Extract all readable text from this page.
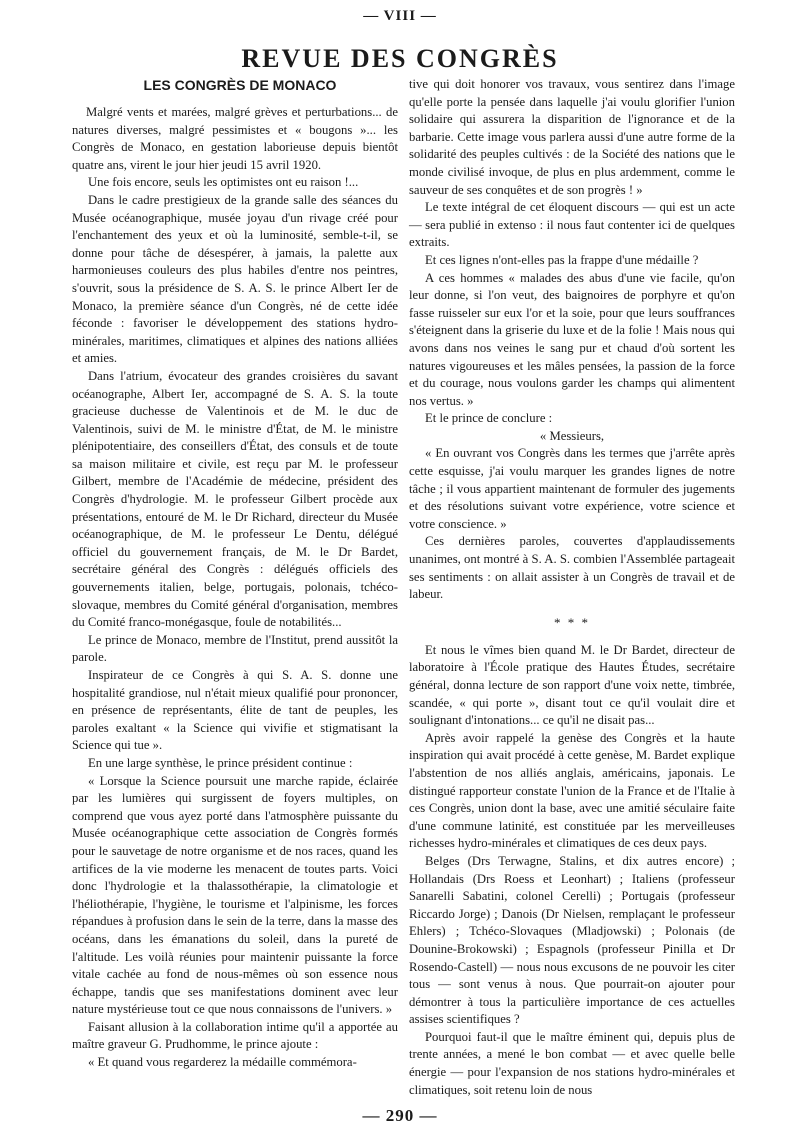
— VIII —
REVUE DES CONGRÈS
LES CONGRÈS DE MONACO

Malgré vents et marées, malgré grèves et perturbations... de natures diverses, malgré pessimistes et « bougons »... les Congrès de Monaco, en gestation laborieuse depuis bientôt quatre ans, virent le jour hier jeudi 15 avril 1920.

Une fois encore, seuls les optimistes ont eu raison !...

Dans le cadre prestigieux de la grande salle des séances du Musée océanographique, musée joyau d'un rivage créé pour l'enchantement des yeux et où la luminosité, semble-t-il, se donne pour tâche de désespérer, à jamais, la palette aux harmonieuses couleurs des plus habiles d'entre nos peintres, s'ouvrit, sous la présidence de S. A. S. le prince Albert Ier de Monaco, la première séance d'un Congrès, né de cette idée féconde : favoriser le développement des stations hydro-minérales, maritimes, climatiques et alpines des nations alliées et amies.

Dans l'atrium, évocateur des grandes croisières du savant océanographe, Albert Ier, accompagné de S. A. S. la toute gracieuse duchesse de Valentinois et de M. le duc de Valentinois, suivi de M. le ministre d'État, de M. le ministre plénipotentiaire, des conseillers d'État, des consuls et de toute sa maison militaire et civile, est reçu par M. le professeur Gilbert, membre de l'Académie de médecine, président des Congrès d'hydrologie. M. le professeur Gilbert procède aux présentations, entouré de M. le Dr Richard, directeur du Musée océanographique, de M. le professeur Le Dentu, délégué officiel du gouvernement français, de M. le Dr Bardet, secrétaire général des Congrès : délégués officiels des gouvernements italien, belge, portugais, polonais, tchéco-slovaque, membres du Comité général d'organisation, membres du Comité franco-monégasque, foule de notabilités...

Le prince de Monaco, membre de l'Institut, prend aussitôt la parole.

Inspirateur de ce Congrès à qui S. A. S. donne une hospitalité grandiose, nul n'était mieux qualifié pour prononcer, en présence de représentants, élite de tant de peuples, les paroles exaltant « la Science qui vivifie et stigmatisant la Science qui tue ».

En une large synthèse, le prince président continue :

« Lorsque la Science poursuit une marche rapide, éclairée par les lumières qui surgissent de foyers multiples, on comprend que vous ayez porté dans l'atmosphère puissante du Musée océanographique cette association de Congrès formés pour le sauvetage de notre organisme et de nos races, quand les artifices de la vie moderne les menacent de toutes parts. Voici donc l'hydrologie et la thalassothérapie, la climatologie et l'héliothérapie, l'hygiène, le tourisme et l'alpinisme, les forces répandues à profusion dans le sein de la terre, dans la masse des océans, dans les émanations du soleil, dans la pureté de l'altitude. Les voilà réunies pour maintenir puissante la force vitale cachée au fond de nous-mêmes où son essence nous échappe, tandis que ses manifestations dominent avec leur nature mystérieuse tout ce que nous connaissons de l'univers. »

Faisant allusion à la collaboration intime qu'il a apportée au maître graveur G. Prudhomme, le prince ajoute :

« Et quand vous regarderez la médaille commémora-

tive qui doit honorer vos travaux, vous sentirez dans l'image qu'elle porte la pensée dans laquelle j'ai voulu glorifier l'union solidaire qui assurera la disparition de l'ignorance et de la barbarie. Cette image vous parlera aussi d'une autre forme de la solidarité des peuples cultivés : de la Société des nations que le monde civilisé invoque, de plus en plus ardemment, comme le sauveur de ses conquêtes et de son progrès ! »

Le texte intégral de cet éloquent discours — qui est un acte — sera publié in extenso : il nous faut contenter ici de quelques extraits.

Et ces lignes n'ont-elles pas la frappe d'une médaille ?

A ces hommes « malades des abus d'une vie facile, qu'on leur donne, si l'on veut, des baignoires de porphyre et qu'on fasse ruisseler sur eux l'or et la soie, pour que leurs souffrances s'éteignent dans la griserie du luxe et de la folie ! Mais nous qui avons dans nos veines le sang pur et chaud d'où sortent les natures vigoureuses et les mâles pensées, la passion de la force et du courage, nous voulons garder les champs qui alimentent nos vertus. »

Et le prince de conclure :

« Messieurs,

« En ouvrant vos Congrès dans les termes que j'arrête après cette esquisse, j'ai voulu marquer les grandes lignes de notre tâche ; il vous appartient maintenant de formuler des jugements et des résolutions suivant votre expérience, votre science et votre conscience. »

Ces dernières paroles, couvertes d'applaudissements unanimes, ont montré à S. A. S. combien l'Assemblée partageait ses sentiments : on allait assister à un Congrès de travail et de labeur.

* * *

Et nous le vîmes bien quand M. le Dr Bardet, directeur de laboratoire à l'École pratique des Hautes Études, secrétaire général, donna lecture de son rapport d'une voix nette, timbrée, scandée, « qui porte », disant tout ce qu'il voulait dire et soulignant d'intonations... ce qu'il ne disait pas...

Après avoir rappelé la genèse des Congrès et la haute inspiration qui avait procédé à cette genèse, M. Bardet explique l'abstention de nos alliés anglais, américains, japonais. Le distingué rapporteur constate l'union de la France et de l'Italie à ces Congrès, union dont la base, avec une amitié séculaire faite d'une commune latinité, est constituée par les merveilleuses richesses hydro-minérales et climatiques de ces deux pays.

Belges (Drs Terwagne, Stalins, et dix autres encore) ; Hollandais (Drs Roess et Leonhart) ; Italiens (professeur Sanarelli Sabatini, colonel Cerelli) ; Portugais (professeur Riccardo Jorge) ; Danois (Dr Nielsen, remplaçant le professeur Ehlers) ; Tchéco-Slovaques (Mladjowski) ; Polonais (de Dounine-Brokowski) ; Espagnols (professeur Pinilla et Dr Rosendo-Castell) — nous nous excusons de ne pouvoir les citer tous — sont venus à nous. Que pourrait-on ajouter pour démontrer à tous la particulière importance de ces actuelles assises scientifiques ?

Pourquoi faut-il que le maître éminent qui, depuis plus de trente années, a mené le bon combat — et avec quelle belle énergie — pour l'expansion de nos stations hydro-minérales et climatiques, soit retenu loin de nous

— 290 —
